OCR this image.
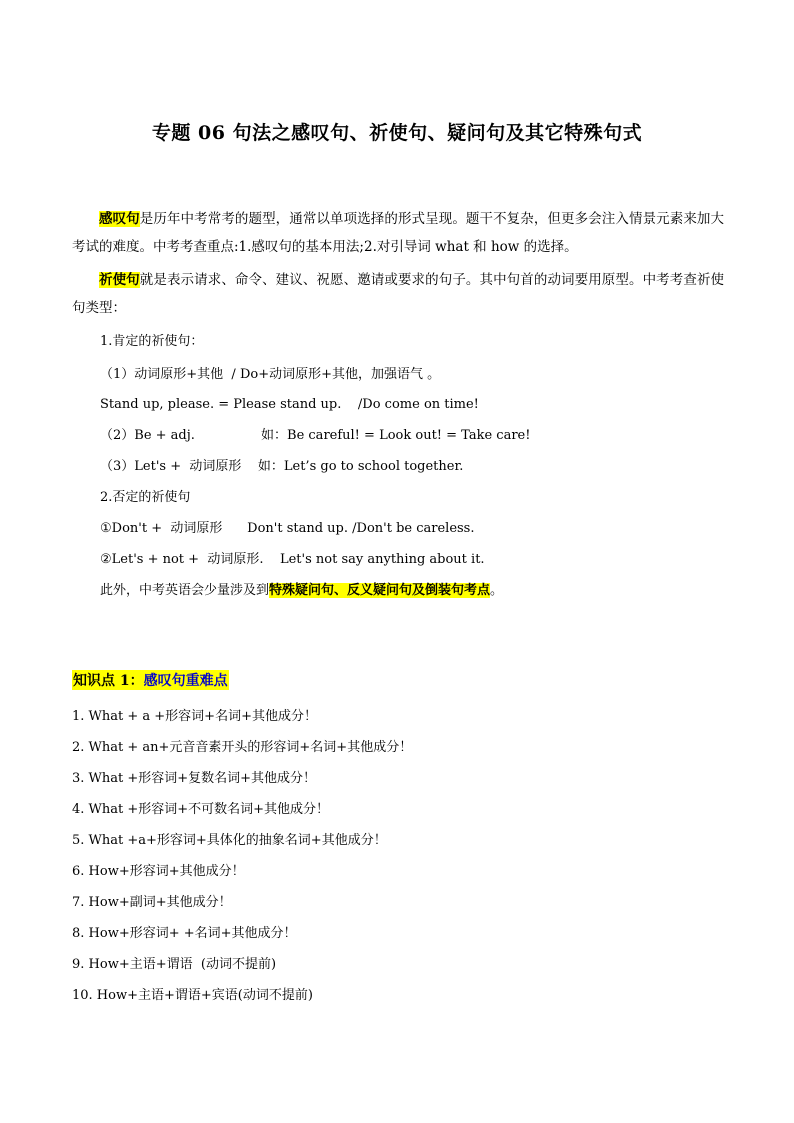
专题 06 句法之感叹句、祈使句、疑问句及其它特殊句式
感叹句是历年中考常考的题型，通常以单项选择的形式呈现。题干不复杂，但更多会注入情景元素来加大考试的难度。中考考查重点:1.感叹句的基本用法;2.对引导词 what 和 how 的选择。
祈使句就是表示请求、命令、建议、祝愿、邀请或要求的句子。其中句首的动词要用原型。中考考查祈使句类型：
1.肯定的祈使句：
（1）动词原形+其他  / Do+动词原形+其他，加强语气 。
Stand up, please. = Please stand up.    /Do come on time!
（2）Be + adj.                如：Be careful! = Look out! = Take care!
（3）Let's +  动词原形    如：Let’s go to school together.
2.否定的祈使句
①Don't +  动词原形      Don't stand up. /Don't be careless.
②Let's + not +  动词原形.    Let's not say anything about it.
此外，中考英语会少量涉及到特殊疑问句、反义疑问句及倒装句考点。
知识点 1：感叹句重难点
1. What + a +形容词+名词+其他成分！
2. What + an+元音音素开头的形容词+名词+其他成分！
3. What +形容词+复数名词+其他成分！
4. What +形容词+不可数名词+其他成分！
5. What +a+形容词+具体化的抽象名词+其他成分！
6. How+形容词+其他成分！
7. How+副词+其他成分！
8. How+形容词+ +名词+其他成分！
9. How+主语+谓语  (动词不提前)
10. How+主语+谓语+宾语(动词不提前)
